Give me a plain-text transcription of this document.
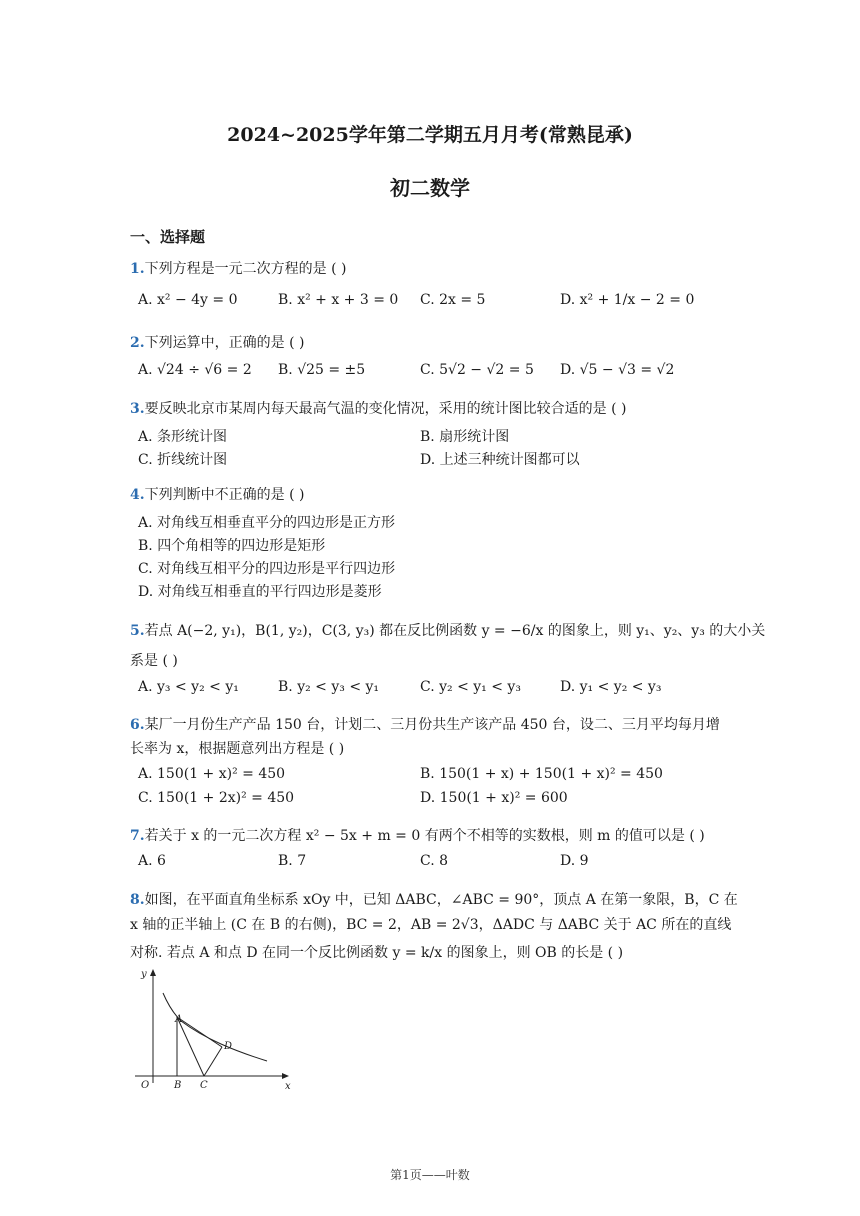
2024~2025学年第二学期五月月考(常熟昆承)
初二数学
一、选择题
1.下列方程是一元二次方程的是 ( )
A. x² − 4y = 0	B. x² + x + 3 = 0 C. 2x = 5	D. x² + 1/x − 2 = 0
2.下列运算中，正确的是 ( )
A. √24 ÷ √6 = 2 B. √25 = ±5	C. 5√2 − √2 = 5 D. √5 − √3 = √2
3.要反映北京市某周内每天最高气温的变化情况，采用的统计图比较合适的是 ( )
A. 条形统计图	B. 扇形统计图
C. 折线统计图	D. 上述三种统计图都可以
4.下列判断中不正确的是 ( )
A. 对角线互相垂直平分的四边形是正方形
B. 四个角相等的四边形是矩形
C. 对角线互相平分的四边形是平行四边形
D. 对角线互相垂直的平行四边形是菱形
5.若点 A(−2, y₁)，B(1, y₂)，C(3, y₃) 都在反比例函数 y = −6/x 的图象上，则 y₁、y₂、y₃ 的大小关
系是 ( )
A. y₃ < y₂ < y₁	B. y₂ < y₃ < y₁	C. y₂ < y₁ < y₃	D. y₁ < y₂ < y₃
6.某厂一月份生产产品 150 台，计划二、三月份共生产该产品 450 台，设二、三月平均每月增
长率为 x，根据题意列出方程是 ( )
A. 150(1 + x)² = 450	B. 150(1 + x) + 150(1 + x)² = 450
C. 150(1 + 2x)² = 450	D. 150(1 + x)² = 600
7.若关于 x 的一元二次方程 x² − 5x + m = 0 有两个不相等的实数根，则 m 的值可以是 ( )
A. 6	B. 7	C. 8	D. 9
8.如图，在平面直角坐标系 xOy 中，已知 ΔABC，∠ABC = 90°，顶点 A 在第一象限，B，C 在
x 轴的正半轴上 (C 在 B 的右侧)，BC = 2，AB = 2√3，ΔADC 与 ΔABC 关于 AC 所在的直线
对称. 若点 A 和点 D 在同一个反比例函数 y = k/x 的图象上，则 OB 的长是 ( )
y
x
O B C
A
D
第1页——叶数
